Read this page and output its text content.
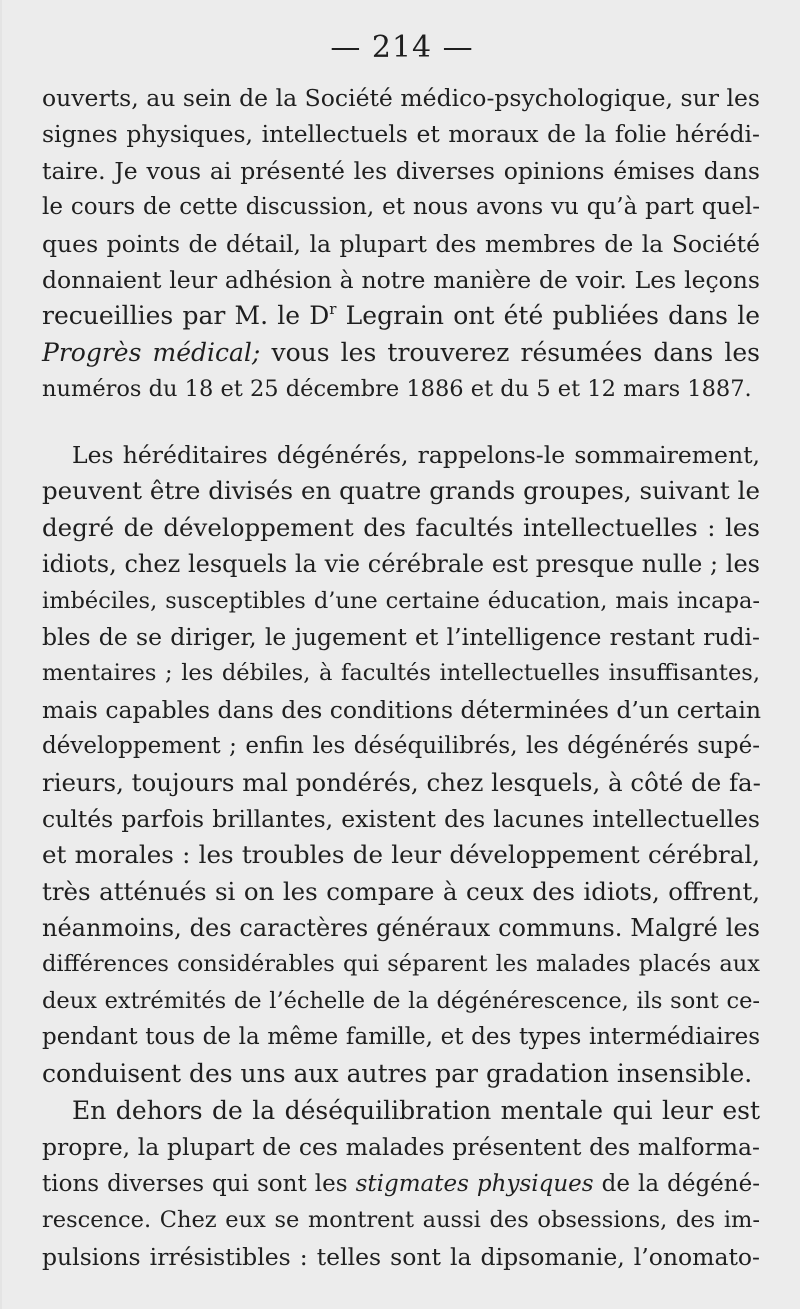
— 214 —
ouverts, au sein de la Société médico-psychologique, sur les
signes physiques, intellectuels et moraux de la folie hérédi-
taire. Je vous ai présenté les diverses opinions émises dans
le cours de cette discussion, et nous avons vu qu’à part quel-
ques points de détail, la plupart des membres de la Société
donnaient leur adhésion à notre manière de voir. Les leçons
recueillies par M. le $D^r$ Legrain ont été publiées dans le
Progrès médical; vous les trouverez résumées dans les
numéros du 18 et 25 décembre 1886 et du 5 et 12 mars 1887.
Les héréditaires dégénérés, rappelons-le sommairement,
peuvent être divisés en quatre grands groupes, suivant le
degré de développement des facultés intellectuelles : les
idiots, chez lesquels la vie cérébrale est presque nulle ; les
imbéciles, susceptibles d’une certaine éducation, mais incapa-
bles de se diriger, le jugement et l’intelligence restant rudi-
mentaires ; les débiles, à facultés intellectuelles insuffisantes,
mais capables dans des conditions déterminées d’un certain
développement ; enfin les déséquilibrés, les dégénérés supé-
rieurs, toujours mal pondérés, chez lesquels, à côté de fa-
cultés parfois brillantes, existent des lacunes intellectuelles
et morales : les troubles de leur développement cérébral,
très atténués si on les compare à ceux des idiots, offrent,
néanmoins, des caractères généraux communs. Malgré les
différences considérables qui séparent les malades placés aux
deux extrémités de l’échelle de la dégénérescence, ils sont ce-
pendant tous de la même famille, et des types intermédiaires
conduisent des uns aux autres par gradation insensible.
En dehors de la déséquilibration mentale qui leur est
propre, la plupart de ces malades présentent des malforma-
tions diverses qui sont les stigmates physiques de la dégéné-
rescence. Chez eux se montrent aussi des obsessions, des im-
pulsions irrésistibles : telles sont la dipsomanie, l’onomato-
